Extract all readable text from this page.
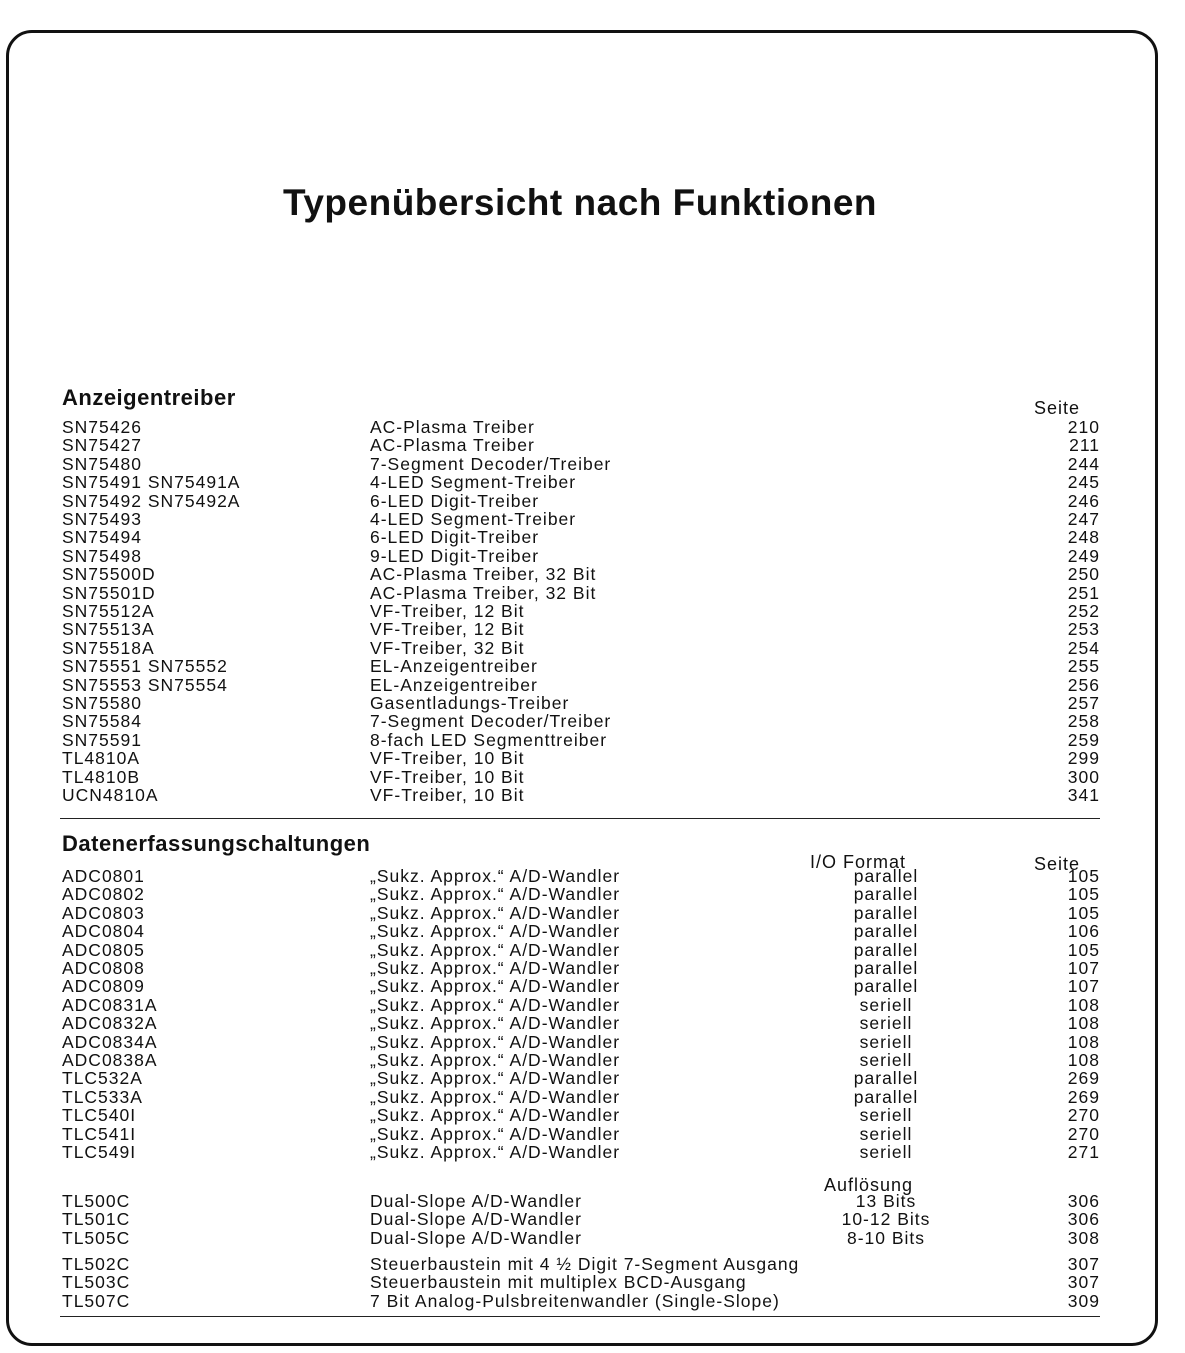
Typenübersicht nach Funktionen
Anzeigentreiber	Seite
SN75426	AC-Plasma Treiber	210
SN75427	AC-Plasma Treiber	211
SN75480	7-Segment Decoder/Treiber	244
SN75491 SN75491A	4-LED Segment-Treiber	245
SN75492 SN75492A	6-LED Digit-Treiber	246
SN75493	4-LED Segment-Treiber	247
SN75494	6-LED Digit-Treiber	248
SN75498	9-LED Digit-Treiber	249
SN75500D	AC-Plasma Treiber, 32 Bit	250
SN75501D	AC-Plasma Treiber, 32 Bit	251
SN75512A	VF-Treiber, 12 Bit	252
SN75513A	VF-Treiber, 12 Bit	253
SN75518A	VF-Treiber, 32 Bit	254
SN75551 SN75552	EL-Anzeigentreiber	255
SN75553 SN75554	EL-Anzeigentreiber	256
SN75580	Gasentladungs-Treiber	257
SN75584	7-Segment Decoder/Treiber	258
SN75591	8-fach LED Segmenttreiber	259
TL4810A	VF-Treiber, 10 Bit	299
TL4810B	VF-Treiber, 10 Bit	300
UCN4810A	VF-Treiber, 10 Bit	341
Datenerfassungschaltungen
I/O Format	Seite
ADC0801	„Sukz. Approx.“ A/D-Wandler	parallel	105
ADC0802	„Sukz. Approx.“ A/D-Wandler	parallel	105
ADC0803	„Sukz. Approx.“ A/D-Wandler	parallel	105
ADC0804	„Sukz. Approx.“ A/D-Wandler	parallel	106
ADC0805	„Sukz. Approx.“ A/D-Wandler	parallel	105
ADC0808	„Sukz. Approx.“ A/D-Wandler	parallel	107
ADC0809	„Sukz. Approx.“ A/D-Wandler	parallel	107
ADC0831A	„Sukz. Approx.“ A/D-Wandler	seriell	108
ADC0832A	„Sukz. Approx.“ A/D-Wandler	seriell	108
ADC0834A	„Sukz. Approx.“ A/D-Wandler	seriell	108
ADC0838A	„Sukz. Approx.“ A/D-Wandler	seriell	108
TLC532A	„Sukz. Approx.“ A/D-Wandler	parallel	269
TLC533A	„Sukz. Approx.“ A/D-Wandler	parallel	269
TLC540I	„Sukz. Approx.“ A/D-Wandler	seriell	270
TLC541I	„Sukz. Approx.“ A/D-Wandler	seriell	270
TLC549I	„Sukz. Approx.“ A/D-Wandler	seriell	271
Auflösung
TL500C	Dual-Slope A/D-Wandler	13 Bits	306
TL501C	Dual-Slope A/D-Wandler	10-12 Bits	306
TL505C	Dual-Slope A/D-Wandler	8-10 Bits	308
TL502C	Steuerbaustein mit 4 ½ Digit 7-Segment Ausgang	307
TL503C	Steuerbaustein mit multiplex BCD-Ausgang	307
TL507C	7 Bit Analog-Pulsbreitenwandler (Single-Slope)	309
